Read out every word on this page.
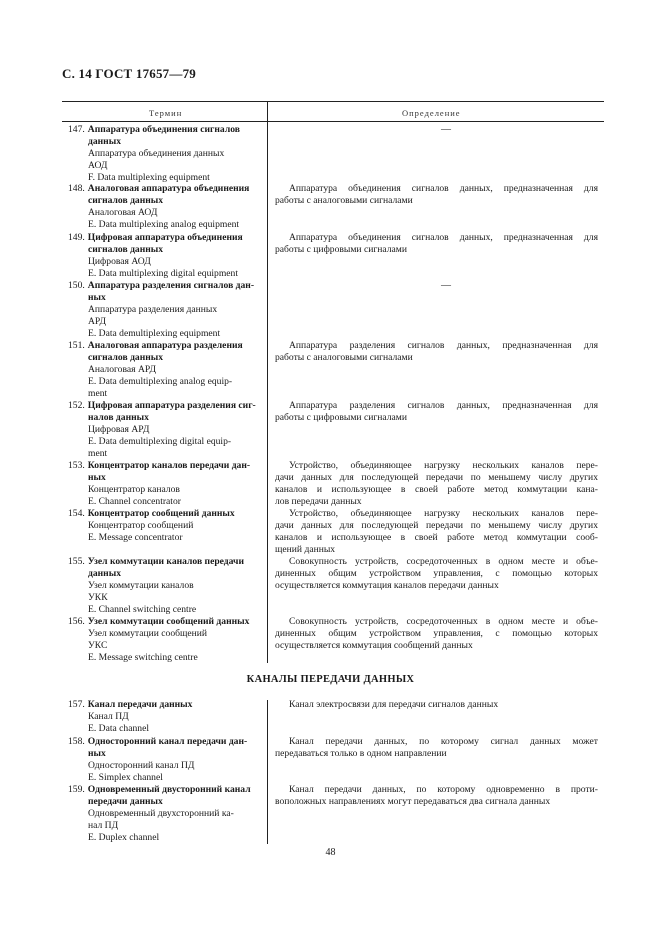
С. 14 ГОСТ 17657—79
Термин	Определение
147. Аппаратура объединения сигналов
данных
Аппаратура объединения данных
АОД
F. Data multiplexing equipment
—
148. Аналоговая аппаратура объединения
сигналов данных
Аналоговая АОД
E. Data multiplexing analog equipment
Аппаратура объединения сигналов данных, предназначенная для
работы с аналоговыми сигналами
149. Цифровая аппаратура объединения
сигналов данных
Цифровая АОД
E. Data multiplexing digital equipment
Аппаратура объединения сигналов данных, предназначенная для
работы с цифровыми сигналами
150. Аппаратура разделения сигналов дан-
ных
Аппаратура разделения данных
АРД
E. Data demultiplexing equipment
—
151. Аналоговая аппаратура разделения
сигналов данных
Аналоговая АРД
E. Data demultiplexing analog equip-
ment
Аппаратура разделения сигналов данных, предназначенная для
работы с аналоговыми сигналами
152. Цифровая аппаратура разделения сиг-
налов данных
Цифровая АРД
E. Data demultiplexing digital equip-
ment
Аппаратура разделения сигналов данных, предназначенная для
работы с цифровыми сигналами
153. Концентратор каналов передачи дан-
ных
Концентратор каналов
E. Channel concentrator
Устройство, объединяющее нагрузку нескольких каналов пере-
дачи данных для последующей передачи по меньшему числу других
каналов и использующее в своей работе метод коммутации кана-
лов передачи данных
154. Концентратор сообщений данных
Концентратор сообщений
E. Message concentrator
Устройство, объединяющее нагрузку нескольких каналов пере-
дачи данных для последующей передачи по меньшему числу других
каналов и использующее в своей работе метод коммутации сооб-
щений данных
155. Узел коммутации каналов передачи
данных
Узел коммутации каналов
УКК
E. Channel switching centre
Совокупность устройств, сосредоточенных в одном месте и объе-
диненных общим устройством управления, с помощью которых
осуществляется коммутация каналов передачи данных
156. Узел коммутации сообщений данных
Узел коммутации сообщений
УКС
E. Message switching centre
Совокупность устройств, сосредоточенных в одном месте и объе-
диненных общим устройством управления, с помощью которых
осуществляется коммутация сообщений данных
КАНАЛЫ ПЕРЕДАЧИ ДАННЫХ
157. Канал передачи данных
Канал ПД
E. Data channel
Канал электросвязи для передачи сигналов данных
158. Односторонний канал передачи дан-
ных
Односторонний канал ПД
E. Simplex channel
Канал передачи данных, по которому сигнал данных может
передаваться только в одном направлении
159. Одновременный двусторонний канал
передачи данных
Одновременный двухсторонний ка-
нал ПД
E. Duplex channel
Канал передачи данных, по которому одновременно в проти-
воположных направлениях могут передаваться два сигнала данных
48
